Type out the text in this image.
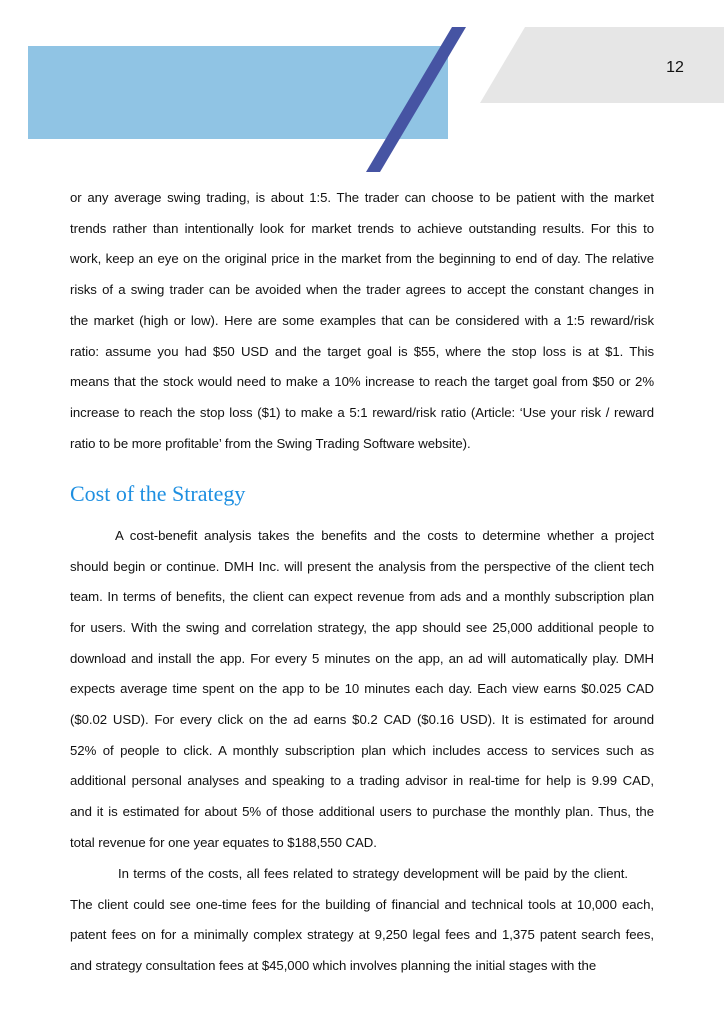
12
or any average swing trading, is about 1:5. The trader can choose to be patient with the market
trends rather than intentionally look for market trends to achieve outstanding results. For this to
work, keep an eye on the original price in the market from the beginning to end of day. The relative
risks of a swing trader can be avoided when the trader agrees to accept the constant changes in
the market (high or low). Here are some examples that can be considered with a 1:5 reward/risk
ratio: assume you had $50 USD and the target goal is $55, where the stop loss is at $1. This
means that the stock would need to make a 10% increase to reach the target goal from $50 or 2%
increase to reach the stop loss ($1) to make a 5:1 reward/risk ratio (Article: ‘Use your risk / reward
ratio to be more profitable’ from the Swing Trading Software website).
Cost of the Strategy
A cost-benefit analysis takes the benefits and the costs to determine whether a project
should begin or continue. DMH Inc. will present the analysis from the perspective of the client tech
team. In terms of benefits, the client can expect revenue from ads and a monthly subscription plan
for users. With the swing and correlation strategy, the app should see 25,000 additional people to
download and install the app. For every 5 minutes on the app, an ad will automatically play. DMH
expects average time spent on the app to be 10 minutes each day. Each view earns $0.025 CAD
($0.02 USD). For every click on the ad earns $0.2 CAD ($0.16 USD). It is estimated for around
52% of people to click. A monthly subscription plan which includes access to services such as
additional personal analyses and speaking to a trading advisor in real-time for help is 9.99 CAD,
and it is estimated for about 5% of those additional users to purchase the monthly plan. Thus, the
total revenue for one year equates to $188,550 CAD.
In terms of the costs, all fees related to strategy development will be paid by the client.
The client could see one-time fees for the building of financial and technical tools at 10,000 each,
patent fees on for a minimally complex strategy at 9,250 legal fees and 1,375 patent search fees,
and strategy consultation fees at $45,000 which involves planning the initial stages with the
